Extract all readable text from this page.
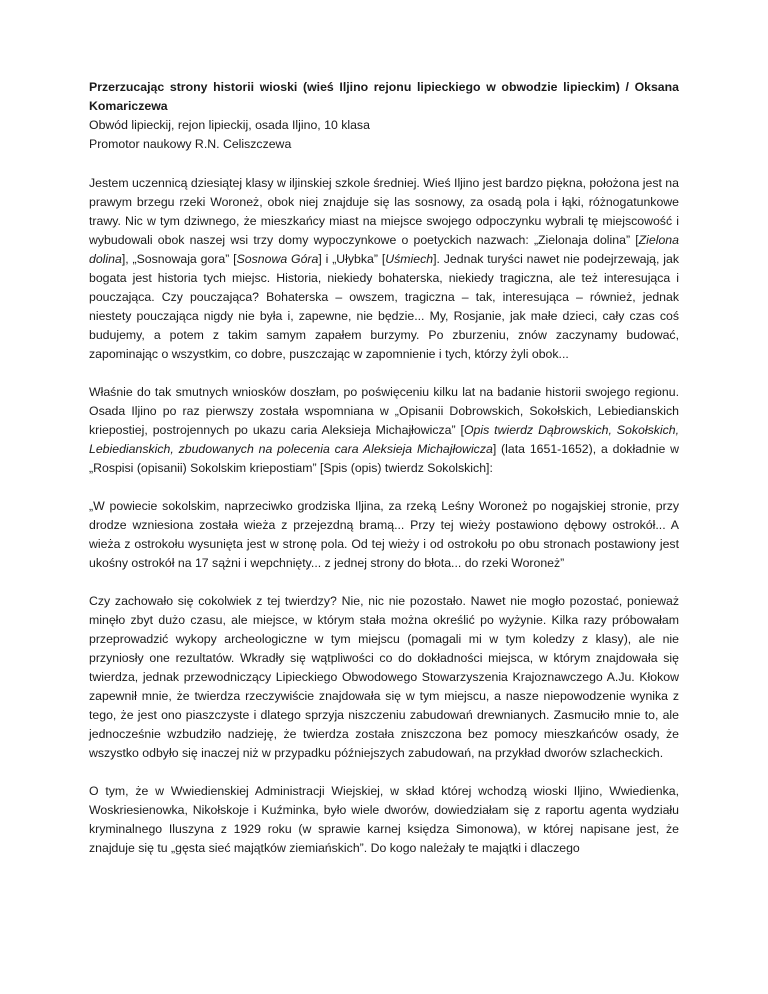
Przerzucając strony historii wioski (wieś Iljino rejonu lipieckiego w obwodzie lipieckim) / Oksana Komariczewa

Obwód lipieckij, rejon lipieckij, osada Iljino, 10 klasa

Promotor naukowy R.N. Celiszczewa

Jestem uczennicą dziesiątej klasy w iljinskiej szkole średniej. Wieś Iljino jest bardzo piękna, położona jest na prawym brzegu rzeki Woroneż, obok niej znajduje się las sosnowy, za osadą pola i łąki, różnogatunkowe trawy. Nic w tym dziwnego, że mieszkańcy miast na miejsce swojego odpoczynku wybrali tę miejscowość i wybudowali obok naszej wsi trzy domy wypoczynkowe o poetyckich nazwach: „Zielonaja dolina” [Zielona dolina], „Sosnowaja gora” [Sosnowa Góra] i „Ułybka” [Uśmiech]. Jednak turyści nawet nie podejrzewają, jak bogata jest historia tych miejsc. Historia, niekiedy bohaterska, niekiedy tragiczna, ale też interesująca i pouczająca. Czy pouczająca? Bohaterska – owszem, tragiczna – tak, interesująca – również, jednak niestety pouczająca nigdy nie była i, zapewne, nie będzie... My, Rosjanie, jak małe dzieci, cały czas coś budujemy, a potem z takim samym zapałem burzymy. Po zburzeniu, znów zaczynamy budować, zapominając o wszystkim, co dobre, puszczając w zapomnienie i tych, którzy żyli obok...

Właśnie do tak smutnych wniosków doszłam, po poświęceniu kilku lat na badanie historii swojego regionu. Osada Iljino po raz pierwszy została wspomniana w „Opisanii Dobrowskich, Sokołskich, Lebiedianskich kriepostiej, postrojennych po ukazu caria Aleksieja Michajłowicza” [Opis twierdz Dąbrowskich, Sokołskich, Lebiedianskich, zbudowanych na polecenia cara Aleksieja Michajłowicza] (lata 1651-1652), a dokładnie w „Rospisi (opisanii) Sokolskim kriepostiam” [Spis (opis) twierdz Sokolskich]:

„W powiecie sokolskim, naprzeciwko grodziska Iljina, za rzeką Leśny Woroneż po nogajskiej stronie, przy drodze wzniesiona została wieża z przejezdną bramą... Przy tej wieży postawiono dębowy ostrokół... A wieża z ostrokołu wysunięta jest w stronę pola. Od tej wieży i od ostrokołu po obu stronach postawiony jest ukośny ostrokół na 17 sążni i wepchnięty... z jednej strony do błota... do rzeki Woroneż”

Czy zachowało się cokolwiek z tej twierdzy? Nie, nic nie pozostało. Nawet nie mogło pozostać, ponieważ minęło zbyt dużo czasu, ale miejsce, w którym stała można określić po wyżynie. Kilka razy próbowałam przeprowadzić wykopy archeologiczne w tym miejscu (pomagali mi w tym koledzy z klasy), ale nie przyniosły one rezultatów. Wkradły się wątpliwości co do dokładności miejsca, w którym znajdowała się twierdza, jednak przewodniczący Lipieckiego Obwodowego Stowarzyszenia Krajoznawczego A.Ju. Kłokow zapewnił mnie, że twierdza rzeczywiście znajdowała się w tym miejscu, a nasze niepowodzenie wynika z tego, że jest ono piaszczyste i dlatego sprzyja niszczeniu zabudowań drewnianych. Zasmuciło mnie to, ale jednocześnie wzbudziło nadzieję, że twierdza została zniszczona bez pomocy mieszkańców osady, że wszystko odbyło się inaczej niż w przypadku późniejszych zabudowań, na przykład dworów szlacheckich.

O tym, że w Wwiedienskiej Administracji Wiejskiej, w skład której wchodzą wioski Iljino, Wwiedienka, Woskriesienowka, Nikołskoje i Kuźminka, było wiele dworów, dowiedziałam się z raportu agenta wydziału kryminalnego Iluszyna z 1929 roku (w sprawie karnej księdza Simonowa), w której napisane jest, że znajduje się tu „gęsta sieć majątków ziemiańskich”. Do kogo należały te majątki i dlaczego
